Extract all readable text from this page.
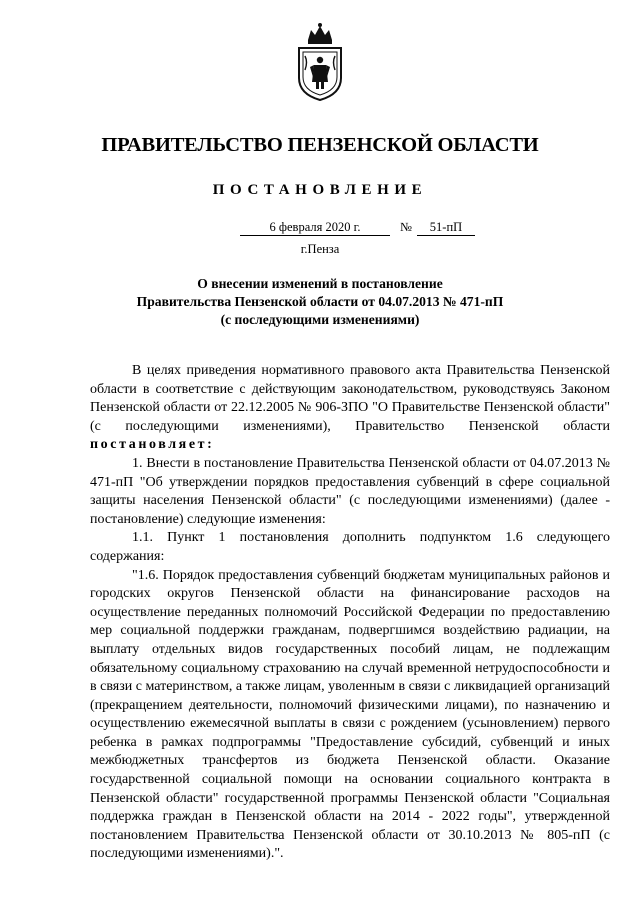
ПРАВИТЕЛЬСТВО ПЕНЗЕНСКОЙ ОБЛАСТИ
ПОСТАНОВЛЕНИЕ
6 февраля 2020 г.	№	51-пП
г.Пенза
О внесении изменений в постановление
Правительства Пензенской области от 04.07.2013 № 471-пП
(с последующими изменениями)

В целях приведения нормативного правового акта Правительства Пензенской области в соответствие с действующим законодательством, руководствуясь Законом Пензенской области от 22.12.2005 № 906-ЗПО "О Правительстве Пензенской области" (с последующими изменениями), Правительство Пензенской области постановляет:

1. Внести в постановление Правительства Пензенской области от 04.07.2013 № 471-пП "Об утверждении порядков предоставления субвенций в сфере социальной защиты населения Пензенской области" (с последующими изменениями) (далее - постановление) следующие изменения:

1.1. Пункт 1 постановления дополнить подпунктом 1.6 следующего содержания:

"1.6. Порядок предоставления субвенций бюджетам муниципальных районов и городских округов Пензенской области на финансирование расходов на осуществление переданных полномочий Российской Федерации по предоставлению мер социальной поддержки гражданам, подвергшимся воздействию радиации, на выплату отдельных видов государственных пособий лицам, не подлежащим обязательному социальному страхованию на случай временной нетрудоспособности и в связи с материнством, а также лицам, уволенным в связи с ликвидацией организаций (прекращением деятельности, полномочий физическими лицами), по назначению и осуществлению ежемесячной выплаты в связи с рождением (усыновлением) первого ребенка в рамках подпрограммы "Предоставление субсидий, субвенций и иных межбюджетных трансфертов из бюджета Пензенской области. Оказание государственной социальной помощи на основании социального контракта в Пензенской области" государственной программы Пензенской области "Социальная поддержка граждан в Пензенской области на 2014 - 2022 годы", утвержденной постановлением Правительства Пензенской области от 30.10.2013 № 805-пП (с последующими изменениями).".
